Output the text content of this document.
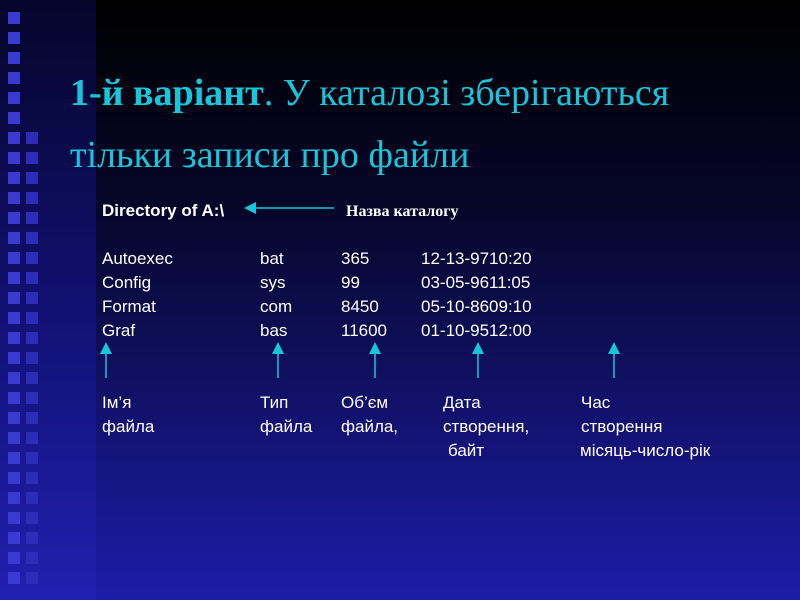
1-й варіант. У каталозі зберігаються
тільки записи про файли
Directory of A:\	Назва каталогу
Autoexec	bat	365	12-13-9710:20
Config	sys	99	03-05-9611:05
Format	com	8450 05-10-8609:10
Graf	bas	11600 01-10-9512:00
Ім’я
файла
Тип
файла
Об’єм
файла,
Дата
створення,
байт
Час
створення
місяць-число-рік
